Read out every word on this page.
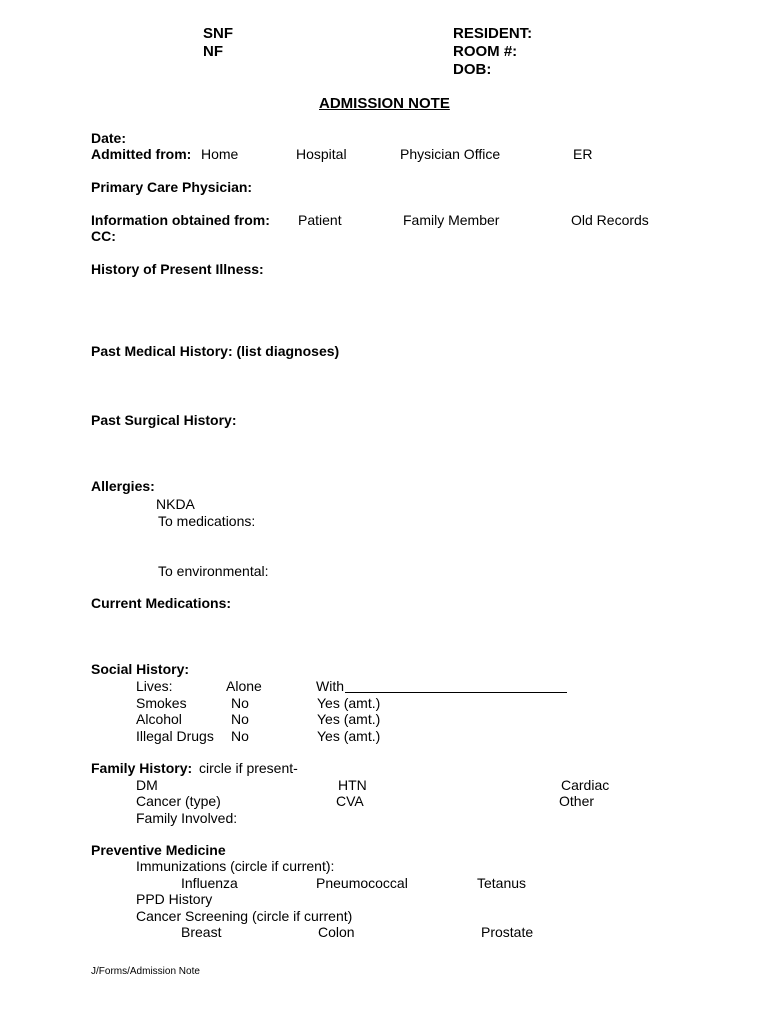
SNF
NF
RESIDENT:
ROOM #:
DOB:
ADMISSION NOTE
Date:
Admitted from: Home	Hospital	Physician Office	ER
Primary Care Physician:
Information obtained from: Patient	Family Member	Old Records
CC:
History of Present Illness:
Past Medical History: (list diagnoses)
Past Surgical History:
Allergies:
NKDA
To medications:
To environmental:
Current Medications:
Social History:
Lives:	Alone	With
Smokes	No	Yes (amt.)
Alcohol	No	Yes (amt.)
Illegal Drugs No	Yes (amt.)
Family History: circle if present-
DM	HTN	Cardiac
Cancer (type)	CVA	Other
Family Involved:
Preventive Medicine
Immunizations (circle if current):
Influenza	Pneumococcal	Tetanus
PPD History
Cancer Screening (circle if current)
Breast	Colon	Prostate
J/Forms/Admission Note
